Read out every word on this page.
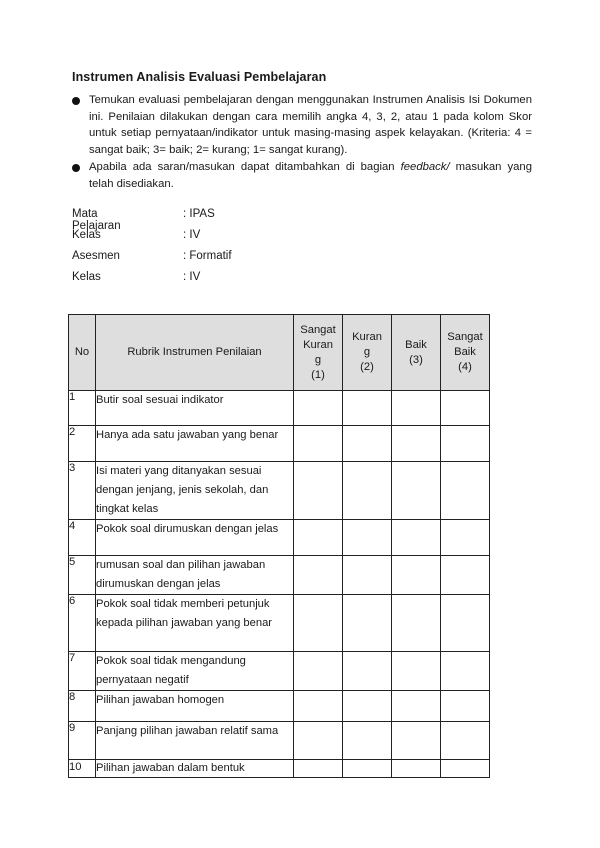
Instrumen Analisis Evaluasi Pembelajaran
Temukan evaluasi pembelajaran dengan menggunakan Instrumen Analisis Isi Dokumen ini. Penilaian dilakukan dengan cara memilih angka 4, 3, 2, atau 1 pada kolom Skor untuk setiap pernyataan/indikator untuk masing-masing aspek kelayakan. (Kriteria: 4 = sangat baik; 3= baik; 2= kurang; 1= sangat kurang).
Apabila ada saran/masukan dapat ditambahkan di bagian feedback/ masukan yang telah disediakan.
Mata Pelajaran
: IPAS
Kelas	: IV
Asesmen	: Formatif
Kelas	: IV
No	Rubrik Instrumen Penilaian	Sangat
Kuran
g
(1)	Kuran
g
(2)	Baik
(3)	Sangat
Baik
(4)

1	Butir soal sesuai indikator				
2	Hanya ada satu jawaban yang benar				
3	Isi materi yang ditanyakan sesuai dengan jenjang, jenis sekolah, dan tingkat kelas				
4	Pokok soal dirumuskan dengan jelas				
5	rumusan soal dan pilihan jawaban dirumuskan dengan jelas				
6	Pokok soal tidak memberi petunjuk kepada pilihan jawaban yang benar				
7	Pokok soal tidak mengandung pernyataan negatif				
8	Pilihan jawaban homogen				
9	Panjang pilihan jawaban relatif sama				
10	Pilihan jawaban dalam bentuk				
